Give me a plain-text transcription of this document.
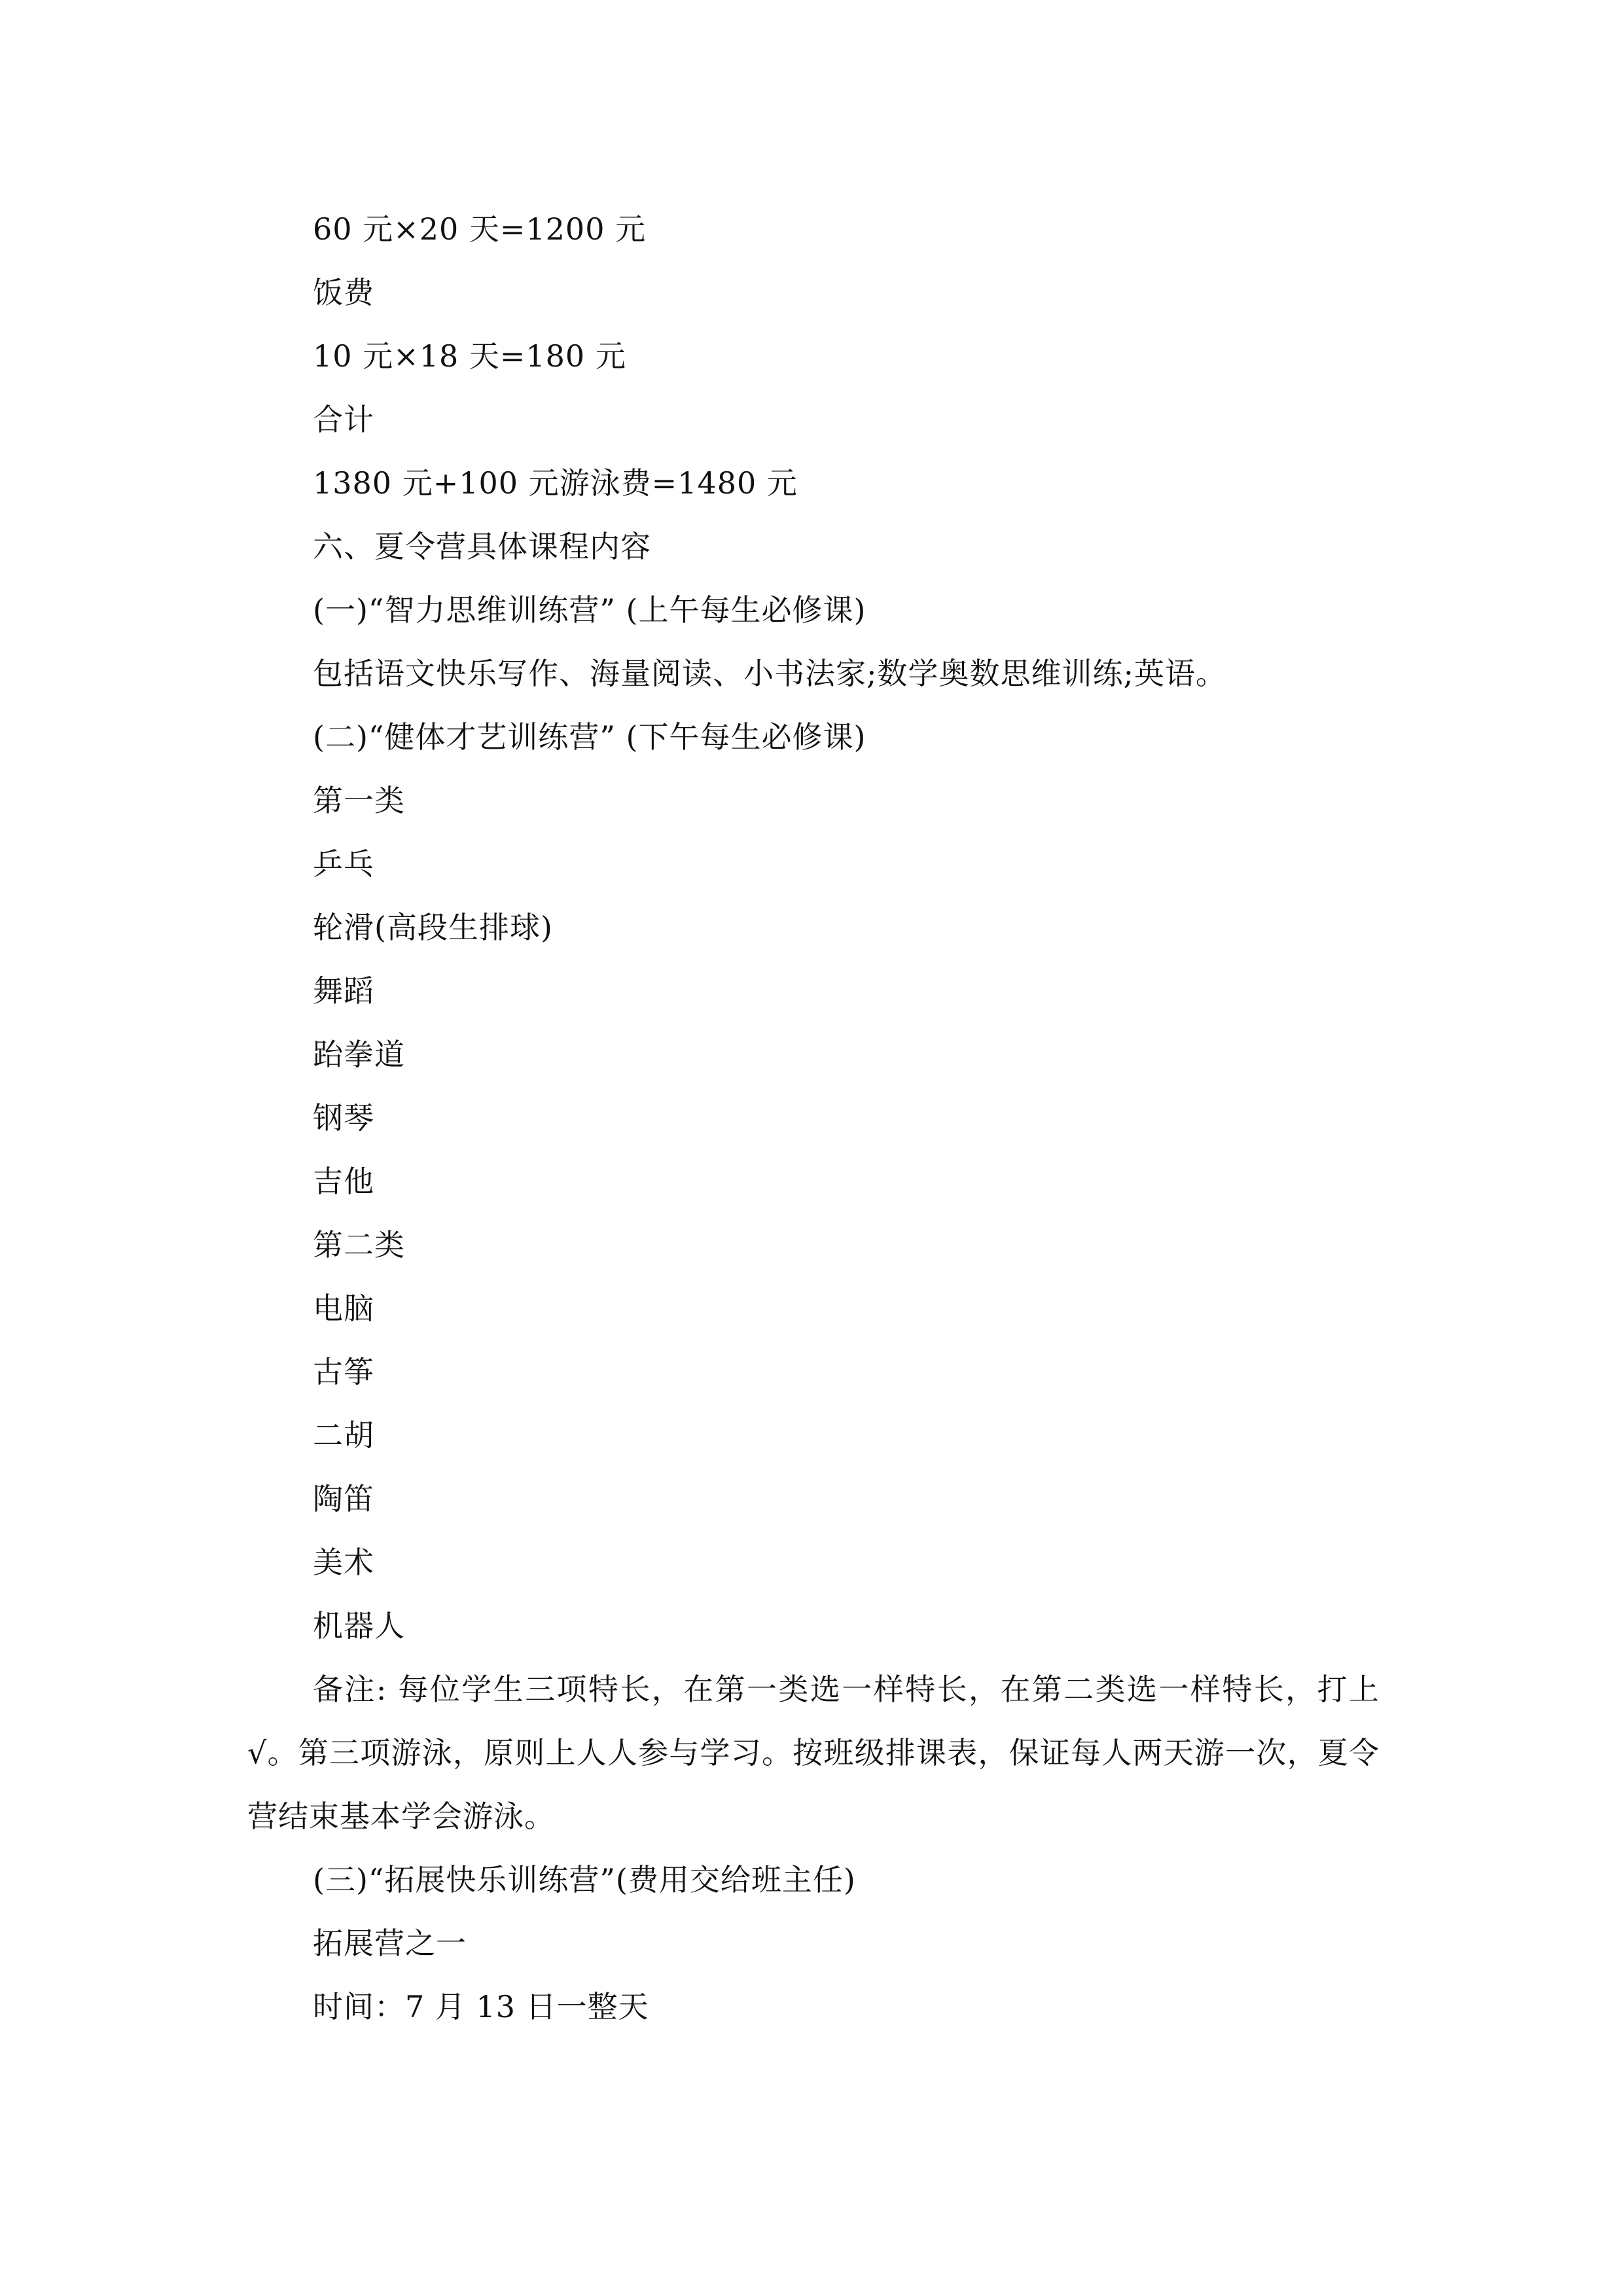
60 元×20 天=1200 元
饭费
10 元×18 天=180 元
合计
1380 元+100 元游泳费=1480 元
六、夏令营具体课程内容
(一)“智力思维训练营” (上午每生必修课)
包括语文快乐写作、海量阅读、小书法家;数学奥数思维训练;英语。
(二)“健体才艺训练营” (下午每生必修课)
第一类
乒乓
轮滑(高段生排球)
舞蹈
跆拳道
钢琴
吉他
第二类
电脑
古筝
二胡
陶笛
美术
机器人
备注: 每位学生三项特长，在第一类选一样特长，在第二类选一样特长，打上√。第三项游泳，原则上人人参与学习。按班级排课表，保证每人两天游一次，夏令营结束基本学会游泳。
(三)“拓展快乐训练营”(费用交给班主任)
拓展营之一
时间：7 月 13 日一整天
